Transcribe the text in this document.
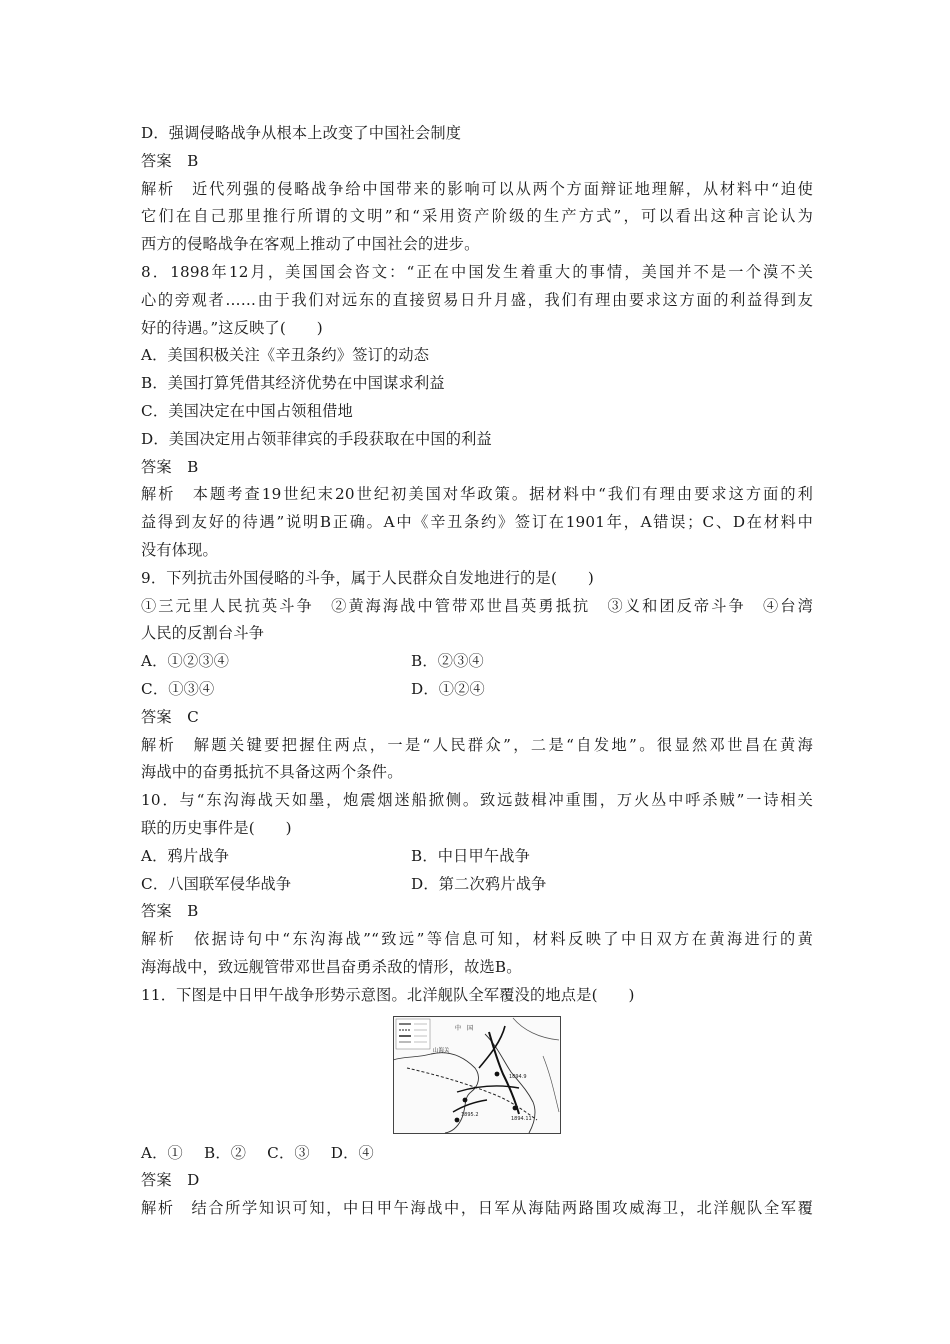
D．强调侵略战争从根本上改变了中国社会制度
答案　B
解析　近代列强的侵略战争给中国带来的影响可以从两个方面辩证地理解，从材料中“迫使
它们在自己那里推行所谓的文明”和“采用资产阶级的生产方式”，可以看出这种言论认为
西方的侵略战争在客观上推动了中国社会的进步。
8．1898年12月，美国国会咨文：“正在中国发生着重大的事情，美国并不是一个漠不关
心的旁观者……由于我们对远东的直接贸易日升月盛，我们有理由要求这方面的利益得到友
好的待遇。”这反映了(　　)
A．美国积极关注《辛丑条约》签订的动态
B．美国打算凭借其经济优势在中国谋求利益
C．美国决定在中国占领租借地
D．美国决定用占领菲律宾的手段获取在中国的利益
答案　B
解析　本题考查19世纪末20世纪初美国对华政策。据材料中“我们有理由要求这方面的利
益得到友好的待遇”说明B正确。A中《辛丑条约》签订在1901年，A错误；C、D在材料中
没有体现。
9．下列抗击外国侵略的斗争，属于人民群众自发地进行的是(　　)
①三元里人民抗英斗争　②黄海海战中管带邓世昌英勇抵抗　③义和团反帝斗争　④台湾
人民的反割台斗争
A．①②③④	B．②③④
C．①③④	D．①②④
答案　C
解析　解题关键要把握住两点，一是“人民群众”，二是“自发地”。很显然邓世昌在黄海
海战中的奋勇抵抗不具备这两个条件。
10．与“东沟海战天如墨，炮震烟迷船掀侧。致远鼓楫冲重围，万火丛中呼杀贼”一诗相关
联的历史事件是(　　)
A．鸦片战争	B．中日甲午战争
C．八国联军侵华战争	D．第二次鸦片战争
答案　B
解析　依据诗句中“东沟海战”“致远”等信息可知，材料反映了中日双方在黄海进行的黄
海海战中，致远舰管带邓世昌奋勇杀敌的情形，故选B。
11．下图是中日甲午战争形势示意图。北洋舰队全军覆没的地点是(　　)
中　国
山海关
1894.9
1895.2
1894.11
A．① B．② C．③ D．④
答案　D
解析　结合所学知识可知，中日甲午海战中，日军从海陆两路围攻威海卫，北洋舰队全军覆
